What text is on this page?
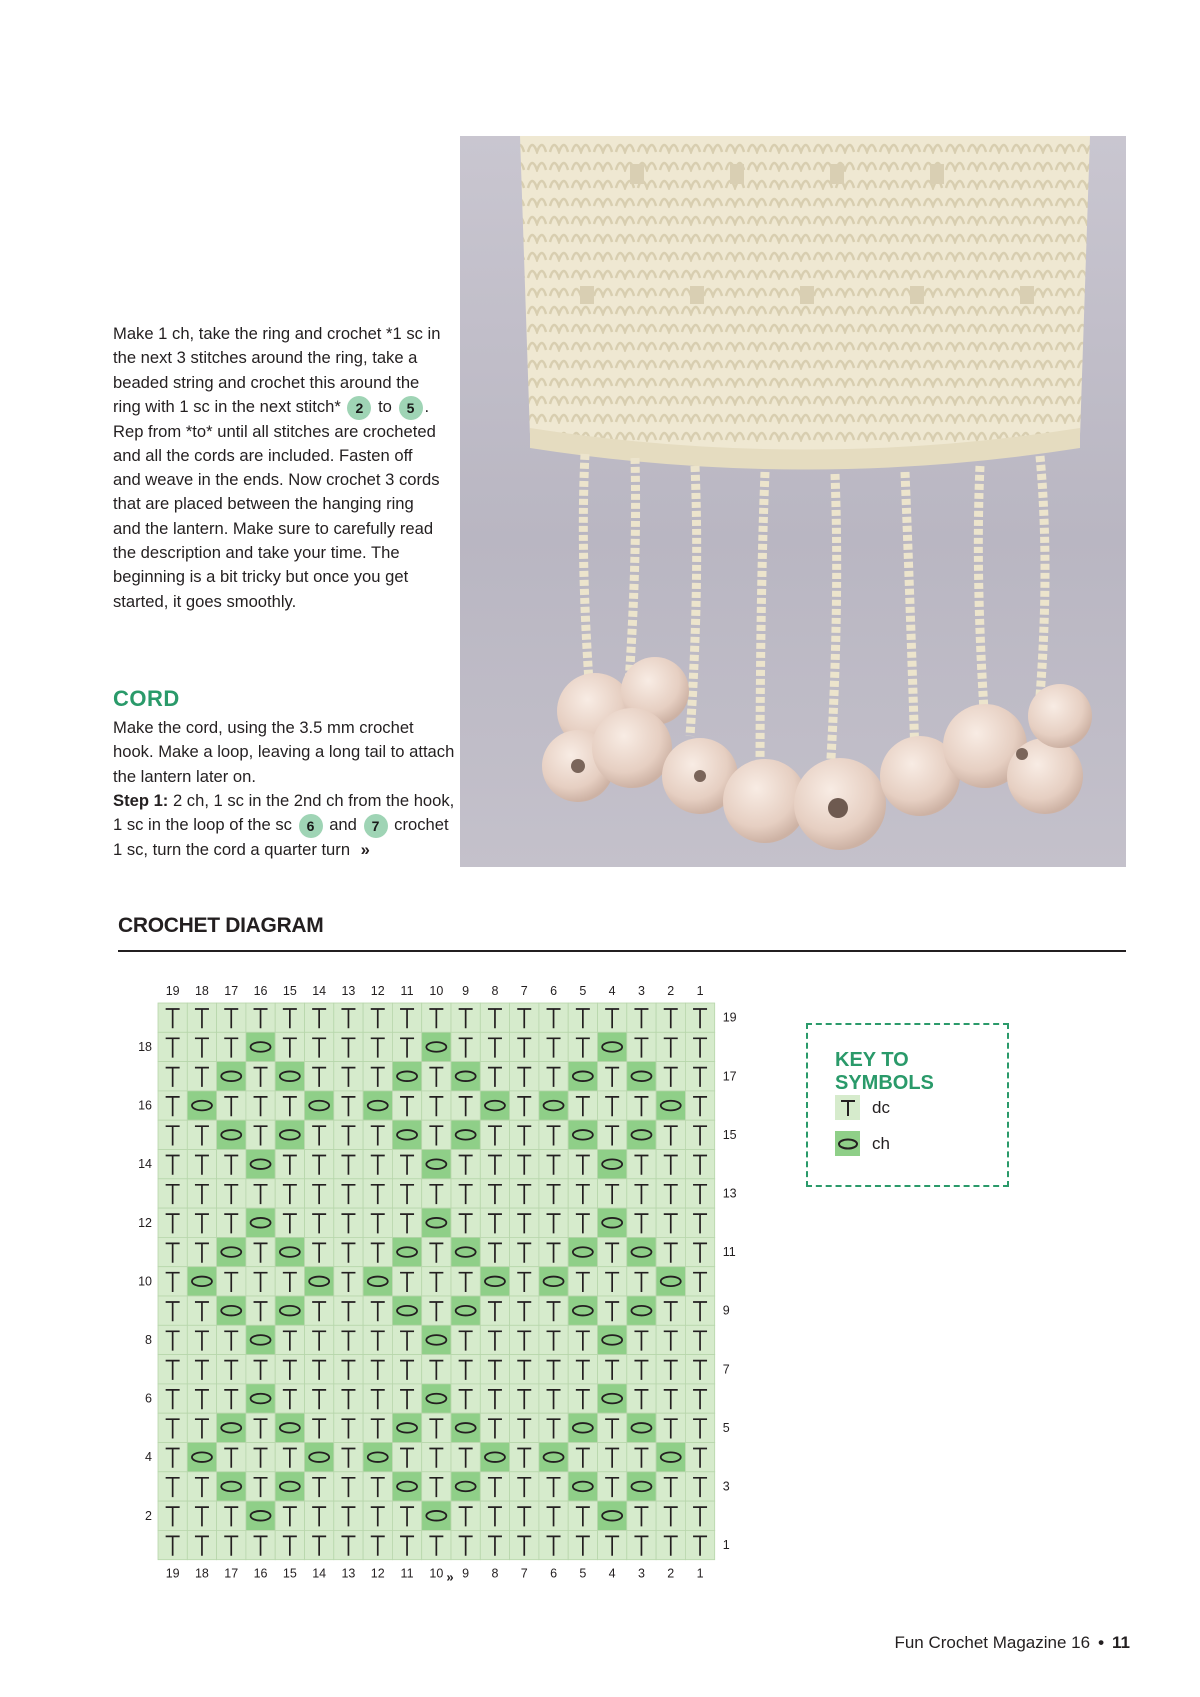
Make 1 ch, take the ring and crochet *1 sc in the next 3 stitches around the ring, take a beaded string and crochet this around the ring with 1 sc in the next stitch* 2 to 5 .

Rep from *to* until all stitches are crocheted and all the cords are included. Fasten off and weave in the ends. Now crochet 3 cords that are placed between the hanging ring and the lantern. Make sure to carefully read the description and take your time. The beginning is a bit tricky but once you get started, it goes smoothly.

CORD

Make the cord, using the 3.5 mm crochet hook. Make a loop, leaving a long tail to attach the lantern later on.

Step 1: 2 ch, 1 sc in the 2nd ch from the hook, 1 sc in the loop of the sc 6 and 7 crochet 1 sc, turn the cord a quarter turn »

CROCHET DIAGRAM
19
19
18
18
17
17
16
16
15
15
14
14
13
13
12
12
11
11
10
10
9
9
8
8
7
7
6
6
5
5
4
4
3
3
2
2
1
1
»
19
17
15
13
11
9
7
5
3
1
18
16
14
12
10
8
6
4
2
KEY TO SYMBOLS
dc
ch
Fun Crochet Magazine 16 • 11
